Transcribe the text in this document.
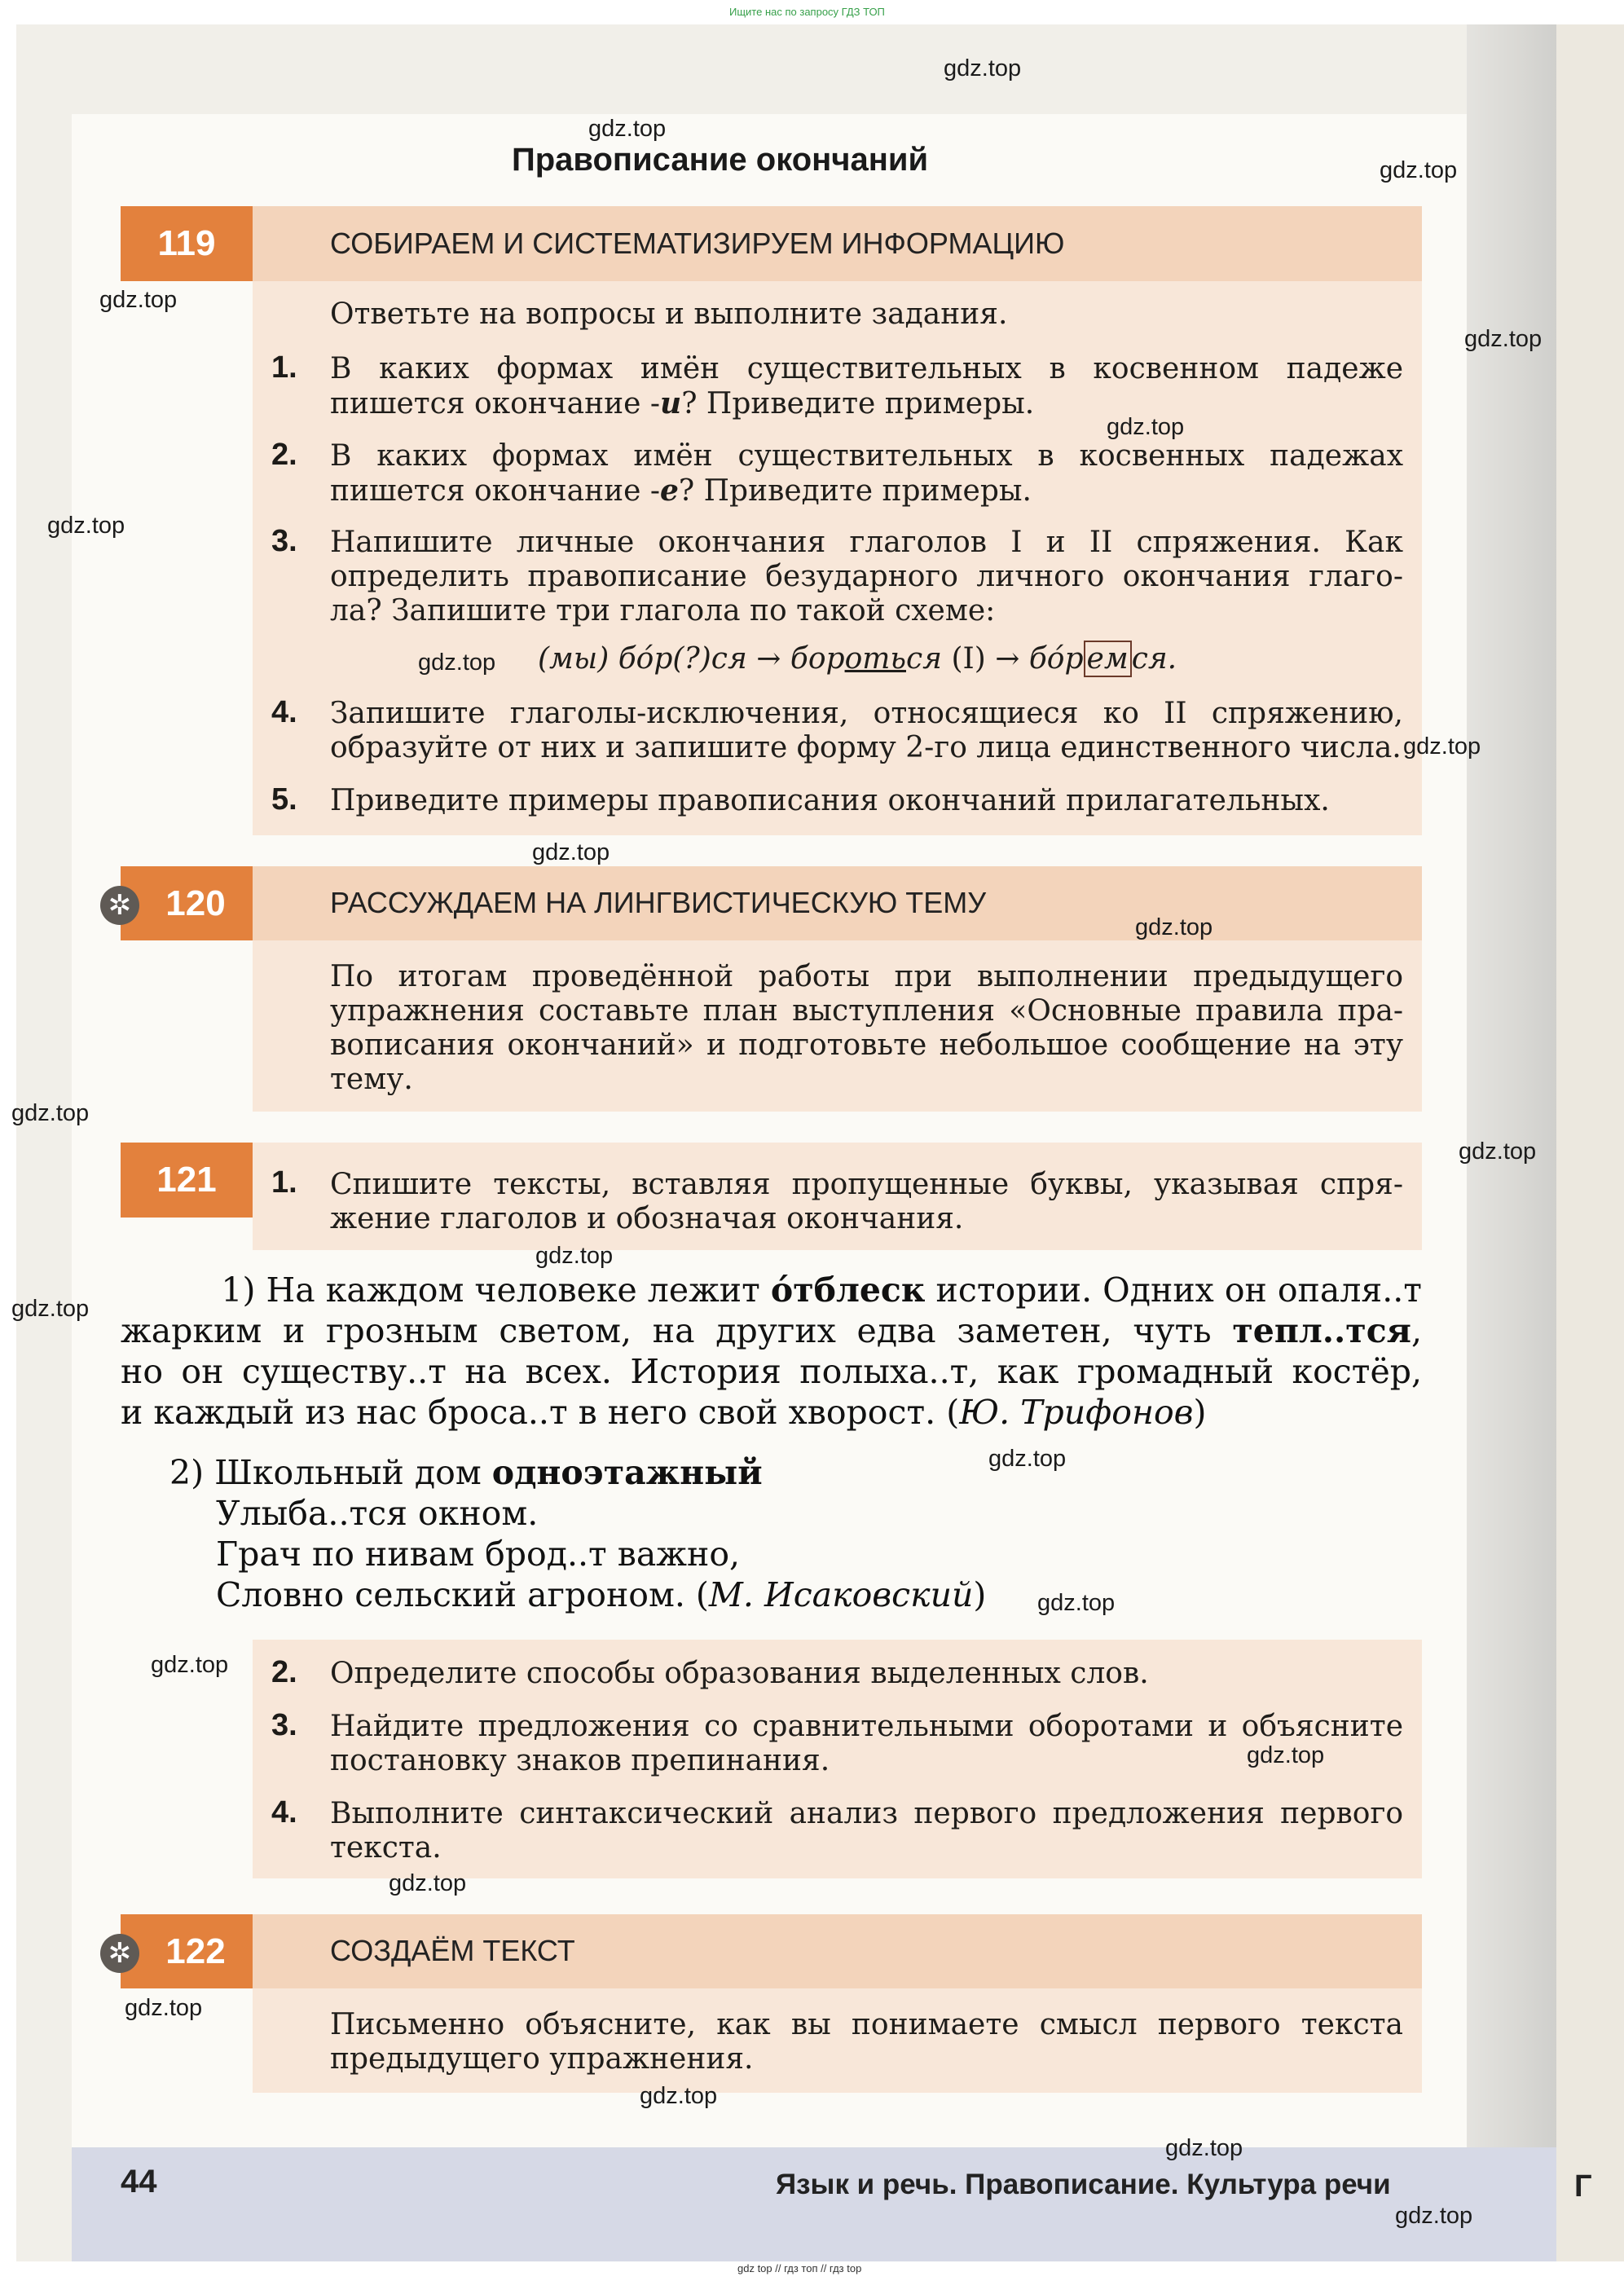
Ищите нас по запросу ГДЗ ТОП
Правописание окончаний
119	СОБИРАЕМ И СИСТЕМАТИЗИРУЕМ ИНФОРМАЦИЮ
Ответьте на вопросы и выполните задания.
1. В каких формах имён существительных в косвенном падеже
пишется окончание -и? Приведите примеры.
2. В каких формах имён существительных в косвенных падежах
пишется окончание -е? Приведите примеры.
3. Напишите личные окончания глаголов I и II спряжения. Как
определить правописание безударного личного окончания глаго-
ла? Запишите три глагола по такой схеме:
(мы) бо́р(?)ся → бороться (I) → бо́р ем ся.
4. Запишите глаголы-исключения, относящиеся ко II спряжению,
образуйте от них и запишите форму 2-го лица единственного числа.
5. Приведите примеры правописания окончаний прилагательных.
120
✲	РАССУЖДАЕМ НА ЛИНГВИСТИЧЕСКУЮ ТЕМУ
По итогам проведённой работы при выполнении предыдущего
упражнения составьте план выступления «Основные правила пра-
вописания окончаний» и подготовьте небольшое сообщение на эту
тему.
121	1. Спишите тексты, вставляя пропущенные буквы, указывая спря-
жение глаголов и обозначая окончания.
1) На каждом человеке лежит о́тблеск истории. Одних он опаля..т
жарким и грозным светом, на других едва заметен, чуть тепл..тся,
но он существу..т на всех. История полыха..т, как громадный костёр,
и каждый из нас броса..т в него свой хворост. (Ю. Трифонов)
2) Школьный дом одноэтажный
Улыба..тся окном.
Грач по нивам брод..т важно,
Словно сельский агроном. (М. Исаковский)
2. Определите способы образования выделенных слов.
3. Найдите предложения со сравнительными оборотами и объясните
постановку знаков препинания.
4. Выполните синтаксический анализ первого предложения первого
текста.
122
✲	СОЗДАЁМ ТЕКСТ
Письменно объясните, как вы понимаете смысл первого текста
предыдущего упражнения.
44	Язык и речь. Правописание. Культура речи	Г
gdz top // гдз топ // гдз top
gdz.top
gdz.top
gdz.top
gdz.top
gdz.top
gdz.top
gdz.top
gdz.top
gdz.top
gdz.top
gdz.top
gdz.top
gdz.top
gdz.top
gdz.top
gdz.top
gdz.top
gdz.top
gdz.top
gdz.top
gdz.top
gdz.top
gdz.top
gdz.top
